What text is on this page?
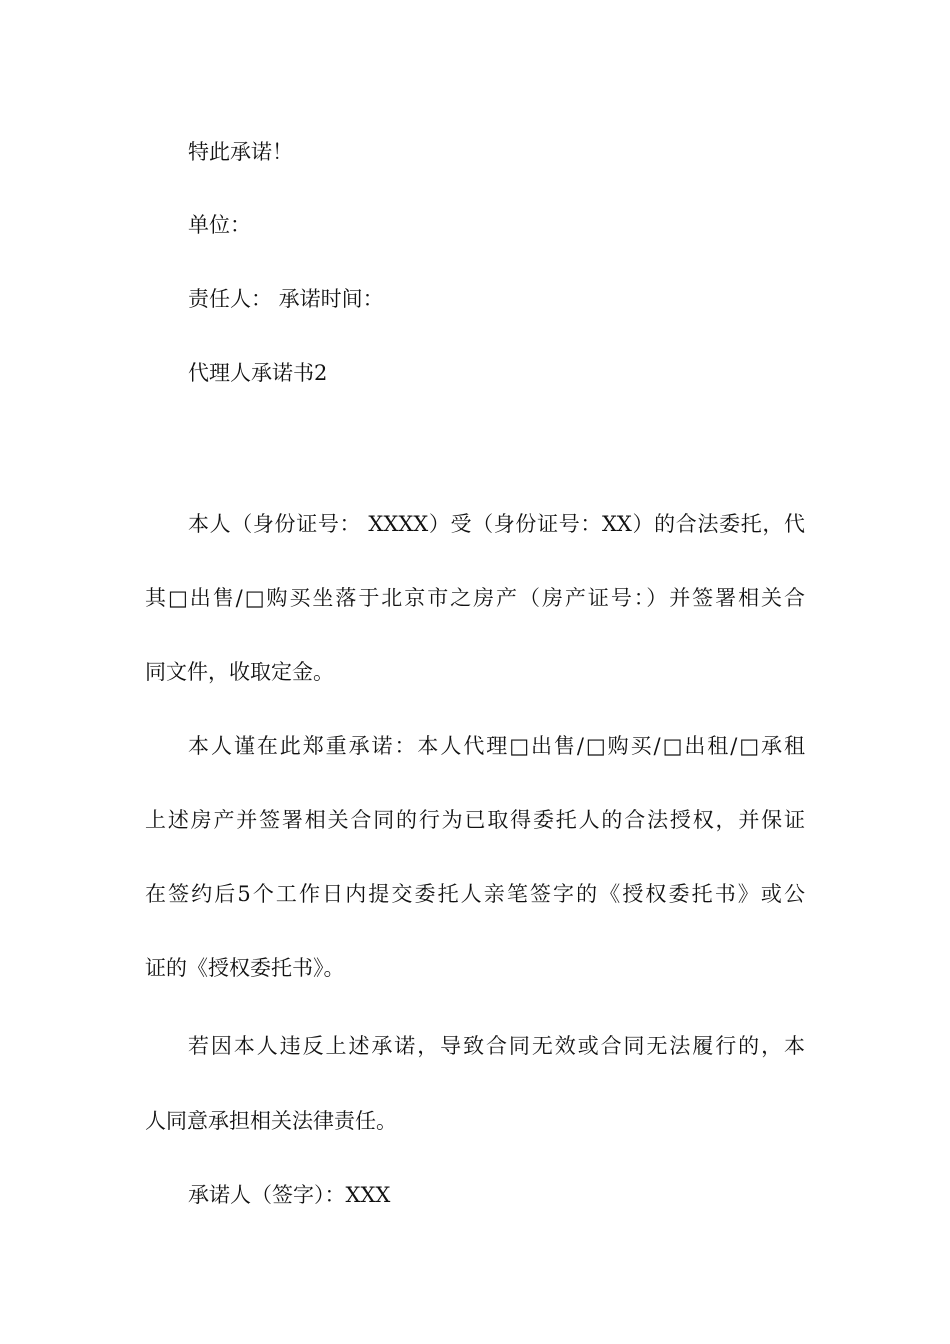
特此承诺！

单位：

责任人： 承诺时间：

代理人承诺书2

本人（身份证号： XXXX）受（身份证号：XX）的合法委托，代

其□出售/□购买坐落于北京市之房产（房产证号：）并签署相关合

同文件，收取定金。

本人谨在此郑重承诺：本人代理□出售/□购买/□出租/□承租

上述房产并签署相关合同的行为已取得委托人的合法授权，并保证

在签约后5个工作日内提交委托人亲笔签字的《授权委托书》或公

证的《授权委托书》。

若因本人违反上述承诺，导致合同无效或合同无法履行的，本

人同意承担相关法律责任。

承诺人（签字）：XXX
